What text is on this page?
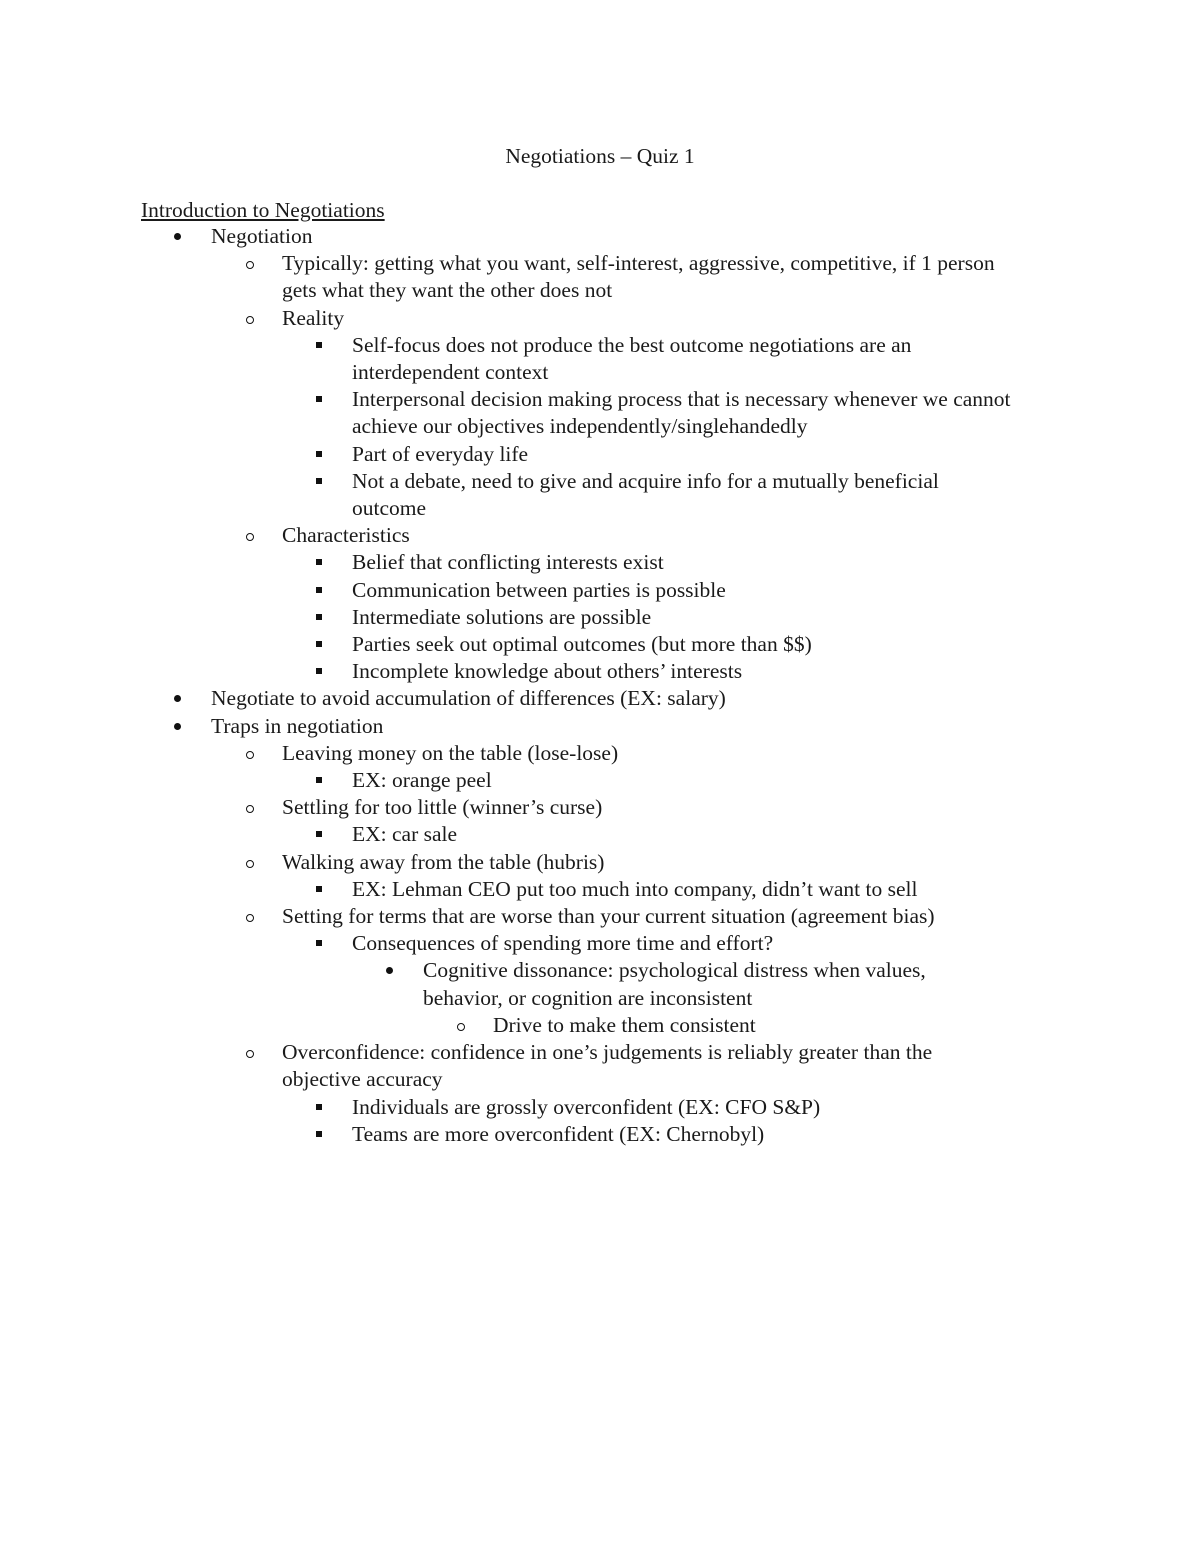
Negotiations – Quiz 1
Introduction to Negotiations
Negotiation
Typically: getting what you want, self-interest, aggressive, competitive, if 1 person gets what they want the other does not
Reality
Self-focus does not produce the best outcome negotiations are an interdependent context
Interpersonal decision making process that is necessary whenever we cannot achieve our objectives independently/singlehandedly
Part of everyday life
Not a debate, need to give and acquire info for a mutually beneficial outcome
Characteristics
Belief that conflicting interests exist
Communication between parties is possible
Intermediate solutions are possible
Parties seek out optimal outcomes (but more than $$)
Incomplete knowledge about others’ interests
Negotiate to avoid accumulation of differences (EX: salary)
Traps in negotiation
Leaving money on the table (lose-lose)
EX: orange peel
Settling for too little (winner’s curse)
EX: car sale
Walking away from the table (hubris)
EX: Lehman CEO put too much into company, didn’t want to sell
Setting for terms that are worse than your current situation (agreement bias)
Consequences of spending more time and effort?
Cognitive dissonance: psychological distress when values, behavior, or cognition are inconsistent
Drive to make them consistent
Overconfidence: confidence in one’s judgements is reliably greater than the objective accuracy
Individuals are grossly overconfident (EX: CFO S&P)
Teams are more overconfident (EX: Chernobyl)
